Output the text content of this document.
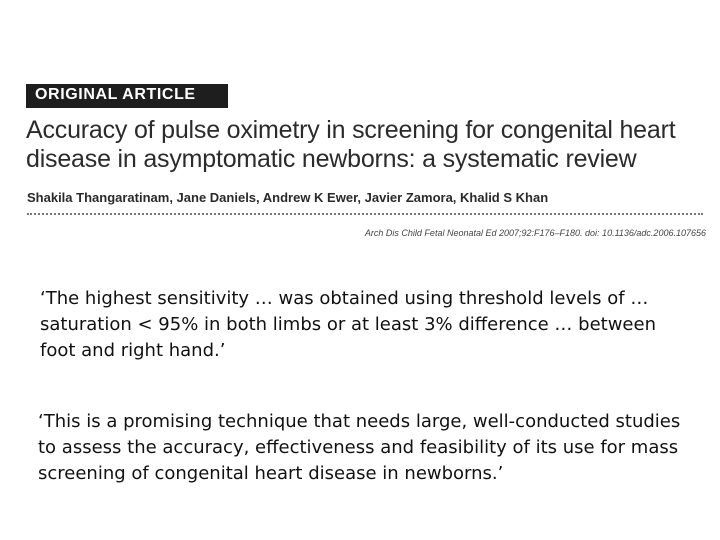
ORIGINAL ARTICLE
Accuracy of pulse oximetry in screening for congenital heart disease in asymptomatic newborns: a systematic review
Shakila Thangaratinam, Jane Daniels, Andrew K Ewer, Javier Zamora, Khalid S Khan
Arch Dis Child Fetal Neonatal Ed 2007;92:F176–F180. doi: 10.1136/adc.2006.107656

‘The highest sensitivity … was obtained using threshold levels of … saturation < 95% in both limbs or at least 3% difference … between foot and right hand.’

‘This is a promising technique that needs large, well-conducted studies to assess the accuracy, effectiveness and feasibility of its use for mass screening of congenital heart disease in newborns.’
